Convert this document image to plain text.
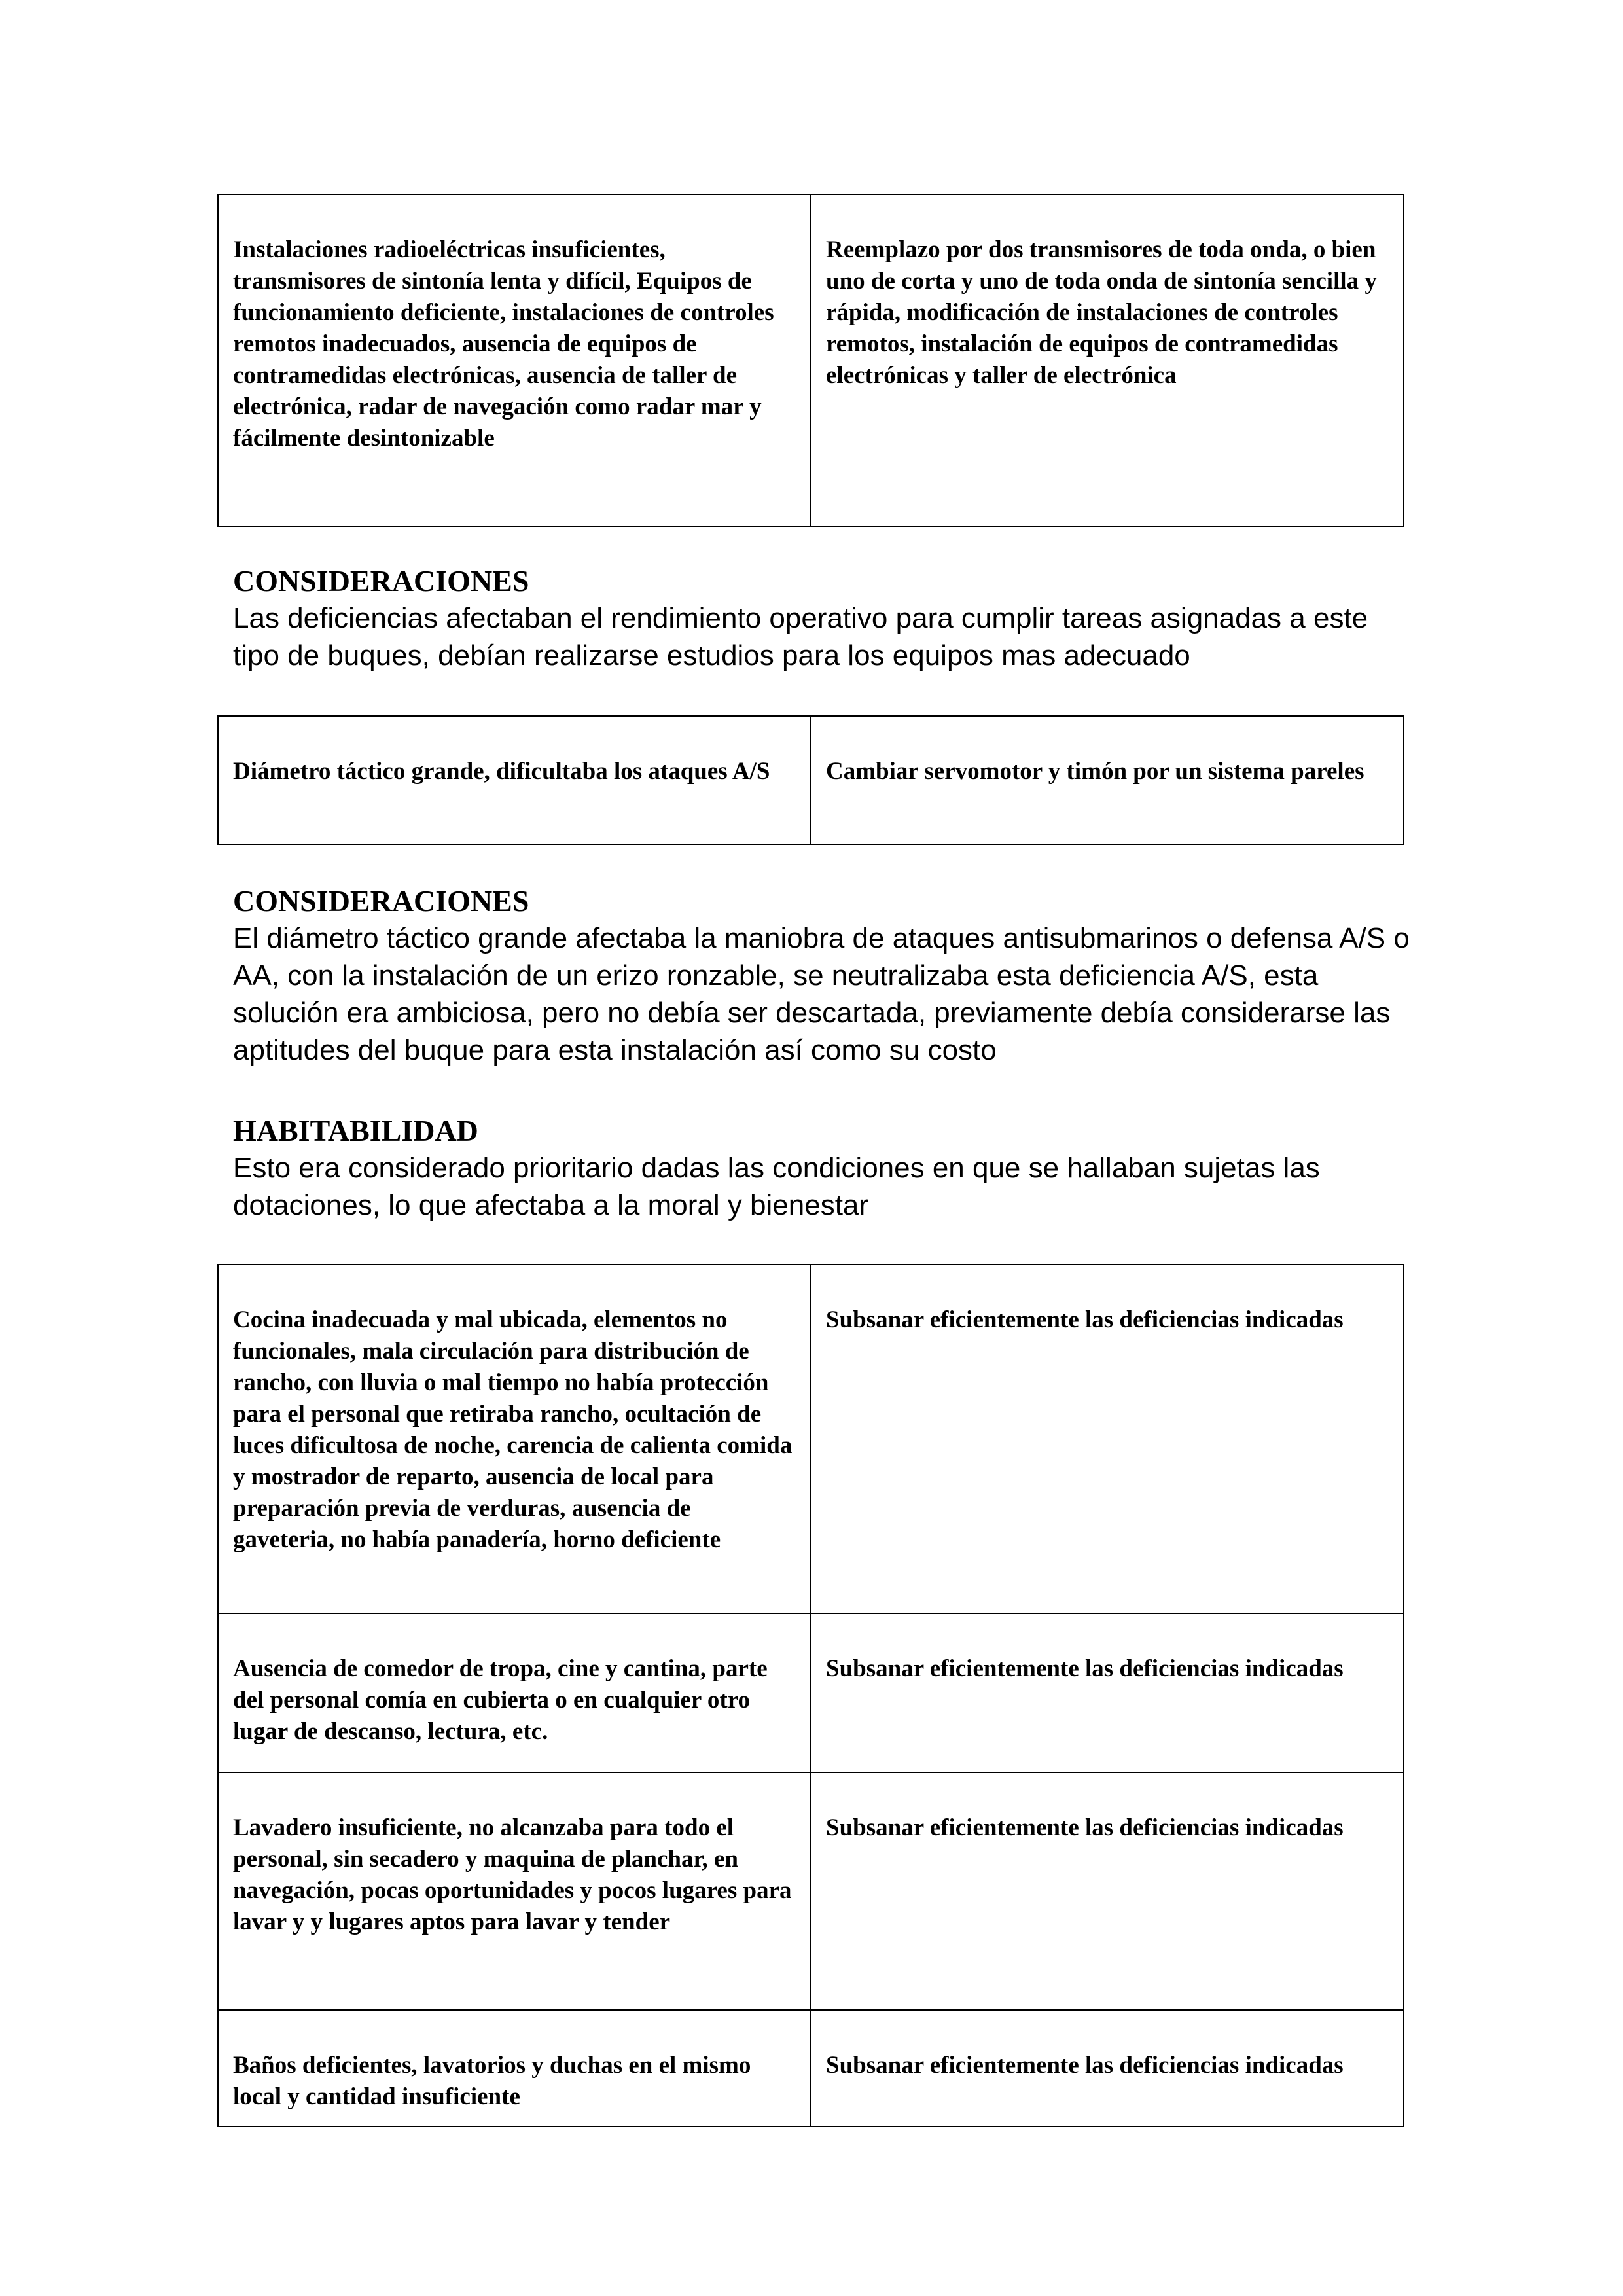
Instalaciones radioeléctricas insuficientes, transmisores de sintonía lenta y difícil, Equipos de funcionamiento deficiente, instalaciones de controles remotos inadecuados, ausencia de equipos de contramedidas electrónicas, ausencia de taller de electrónica, radar de navegación como radar mar y fácilmente desintonizable	Reemplazo por dos transmisores de toda onda, o bien uno de corta y uno de toda onda de sintonía sencilla y rápida, modificación de instalaciones de controles remotos, instalación de equipos de contramedidas electrónicas y taller de electrónica
CONSIDERACIONES

Las deficiencias afectaban el rendimiento operativo para cumplir tareas asignadas a este tipo de buques, debían realizarse estudios para los equipos mas adecuado

Diámetro táctico grande, dificultaba los ataques A/S	Cambiar servomotor y timón por un sistema pareles
CONSIDERACIONES

El diámetro táctico grande afectaba la maniobra de ataques antisubmarinos o defensa A/S o AA, con la instalación de un erizo ronzable, se neutralizaba esta deficiencia A/S, esta solución era ambiciosa, pero no debía ser descartada, previamente debía considerarse las aptitudes del buque para esta instalación así como su costo

HABITABILIDAD

Esto era considerado prioritario dadas las condiciones en que se hallaban sujetas las dotaciones, lo que afectaba a la moral y bienestar

Cocina inadecuada y mal ubicada, elementos no funcionales, mala circulación para distribución de rancho, con lluvia o mal tiempo no había protección para el personal que retiraba rancho, ocultación de luces dificultosa de noche, carencia de calienta comida y mostrador de reparto, ausencia de local para preparación previa de verduras, ausencia de gaveteria, no había panadería, horno deficiente	Subsanar eficientemente las deficiencias indicadas
Ausencia de comedor de tropa, cine y cantina, parte del personal comía en cubierta o en cualquier otro lugar de descanso, lectura, etc.	Subsanar eficientemente las deficiencias indicadas
Lavadero insuficiente, no alcanzaba para todo el personal, sin secadero y maquina de planchar, en navegación, pocas oportunidades y pocos lugares para lavar y y lugares aptos para lavar y tender	Subsanar eficientemente las deficiencias indicadas
Baños deficientes, lavatorios y duchas en el mismo local y cantidad insuficiente	Subsanar eficientemente las deficiencias indicadas
